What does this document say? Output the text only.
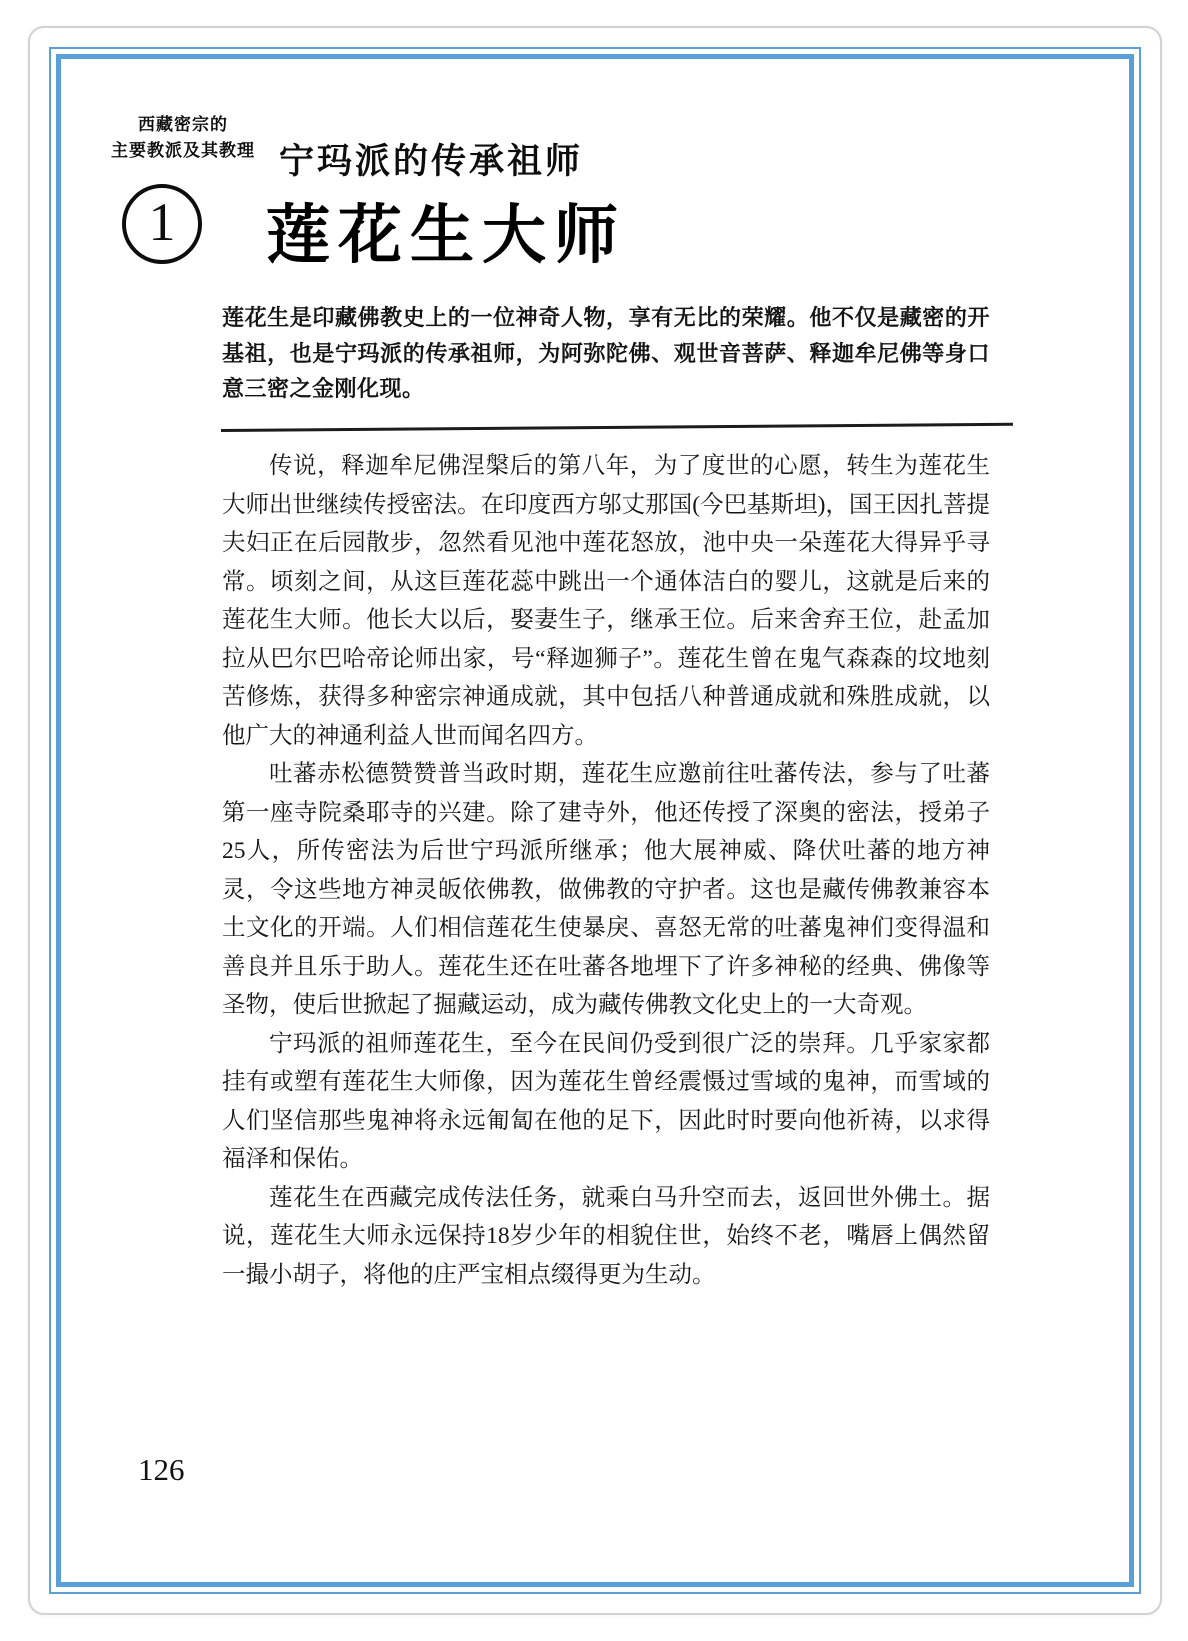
西藏密宗的
主要教派及其教理
1
宁玛派的传承祖师
莲花生大师
莲花生是印藏佛教史上的一位神奇人物，享有无比的荣耀。他不仅是藏密的开基祖，也是宁玛派的传承祖师，为阿弥陀佛、观世音菩萨、释迦牟尼佛等身口意三密之金刚化现。

传说，释迦牟尼佛涅槃后的第八年，为了度世的心愿，转生为莲花生大师出世继续传授密法。在印度西方邬丈那国(今巴基斯坦)，国王因扎菩提夫妇正在后园散步，忽然看见池中莲花怒放，池中央一朵莲花大得异乎寻常。顷刻之间，从这巨莲花蕊中跳出一个通体洁白的婴儿，这就是后来的莲花生大师。他长大以后，娶妻生子，继承王位。后来舍弃王位，赴孟加拉从巴尔巴哈帝论师出家，号“释迦狮子”。莲花生曾在鬼气森森的坟地刻苦修炼，获得多种密宗神通成就，其中包括八种普通成就和殊胜成就，以他广大的神通利益人世而闻名四方。

吐蕃赤松德赞赞普当政时期，莲花生应邀前往吐蕃传法，参与了吐蕃第一座寺院桑耶寺的兴建。除了建寺外，他还传授了深奥的密法，授弟子25人，所传密法为后世宁玛派所继承；他大展神威、降伏吐蕃的地方神灵，令这些地方神灵皈依佛教，做佛教的守护者。这也是藏传佛教兼容本土文化的开端。人们相信莲花生使暴戾、喜怒无常的吐蕃鬼神们变得温和善良并且乐于助人。莲花生还在吐蕃各地埋下了许多神秘的经典、佛像等圣物，使后世掀起了掘藏运动，成为藏传佛教文化史上的一大奇观。

宁玛派的祖师莲花生，至今在民间仍受到很广泛的崇拜。几乎家家都挂有或塑有莲花生大师像，因为莲花生曾经震慑过雪域的鬼神，而雪域的人们坚信那些鬼神将永远匍匐在他的足下，因此时时要向他祈祷，以求得福泽和保佑。

莲花生在西藏完成传法任务，就乘白马升空而去，返回世外佛土。据说，莲花生大师永远保持18岁少年的相貌住世，始终不老，嘴唇上偶然留一撮小胡子，将他的庄严宝相点缀得更为生动。

126
